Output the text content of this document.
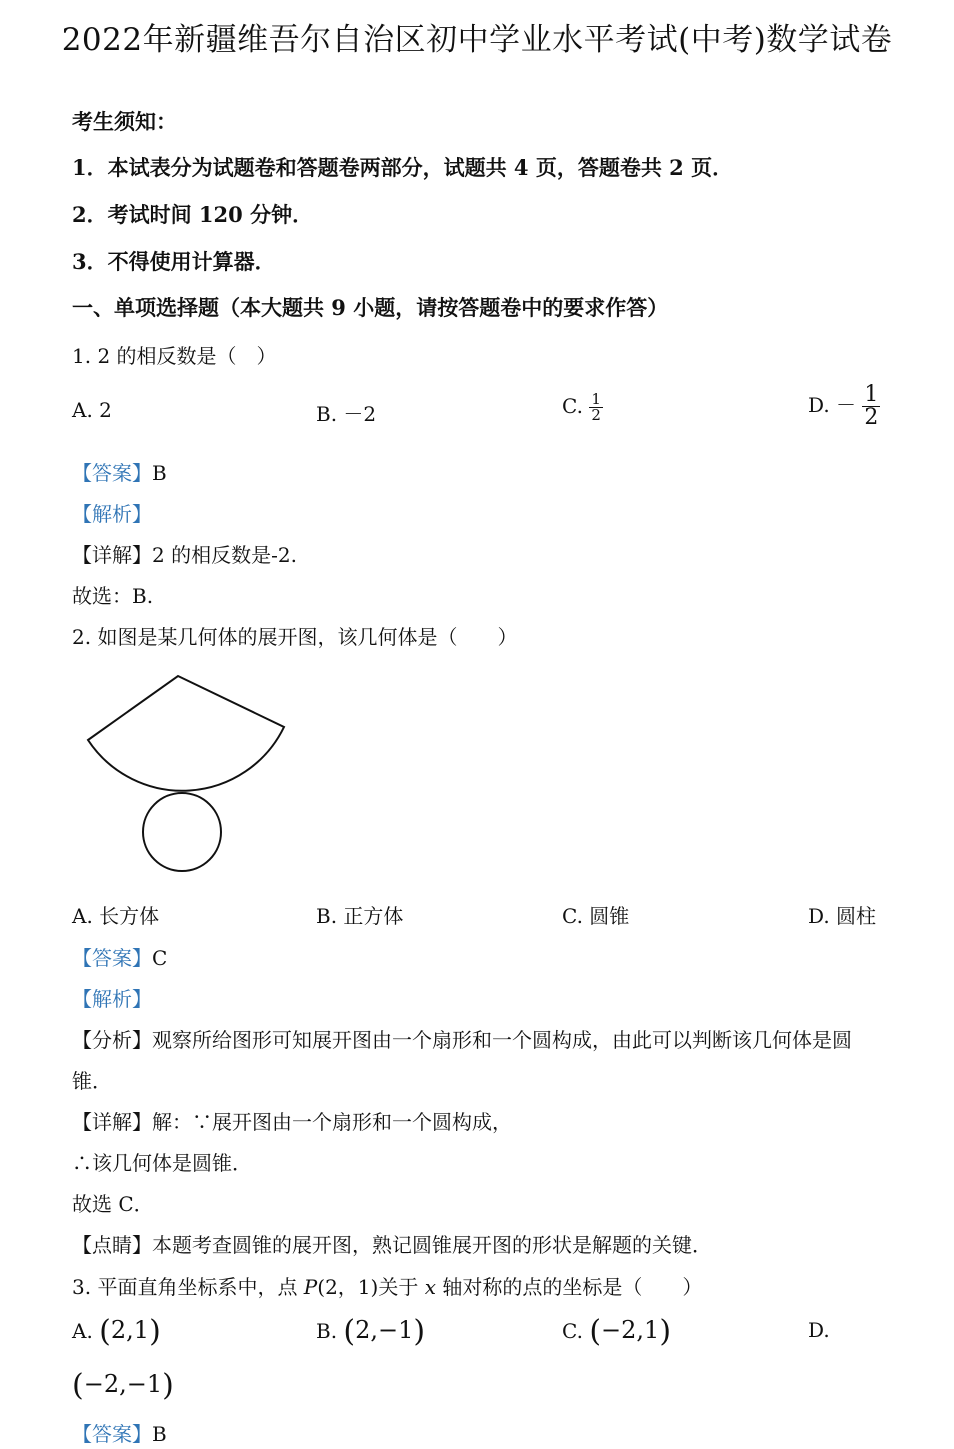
2022年新疆维吾尔自治区初中学业水平考试(中考)数学试卷
考生须知：
1．本试表分为试题卷和答题卷两部分，试题共 4 页，答题卷共 2 页．
2．考试时间 120 分钟．
3．不得使用计算器．
一、单项选择题（本大题共 9 小题，请按答题卷中的要求作答）
1. 2 的相反数是（　）
A. 2	B. －2	C. $\frac{1}{2}$	D. － $\frac{1}{2}$
【答案】B
【解析】
【详解】2 的相反数是-2.
故选：B.
2. 如图是某几何体的展开图，该几何体是（　　）
A. 长方体	B. 正方体	C. 圆锥	D. 圆柱
【答案】C
【解析】
【分析】观察所给图形可知展开图由一个扇形和一个圆构成，由此可以判断该几何体是圆
锥．
【详解】解：∵展开图由一个扇形和一个圆构成，
∴该几何体是圆锥．
故选 C．
【点睛】本题考查圆锥的展开图，熟记圆锥展开图的形状是解题的关键．
3. 平面直角坐标系中，点 P(2，1)关于 x 轴对称的点的坐标是（　　）
A. (2,1)	B. (2,−1)	C. (−2,1)	D.
(−2,−1)
【答案】B
